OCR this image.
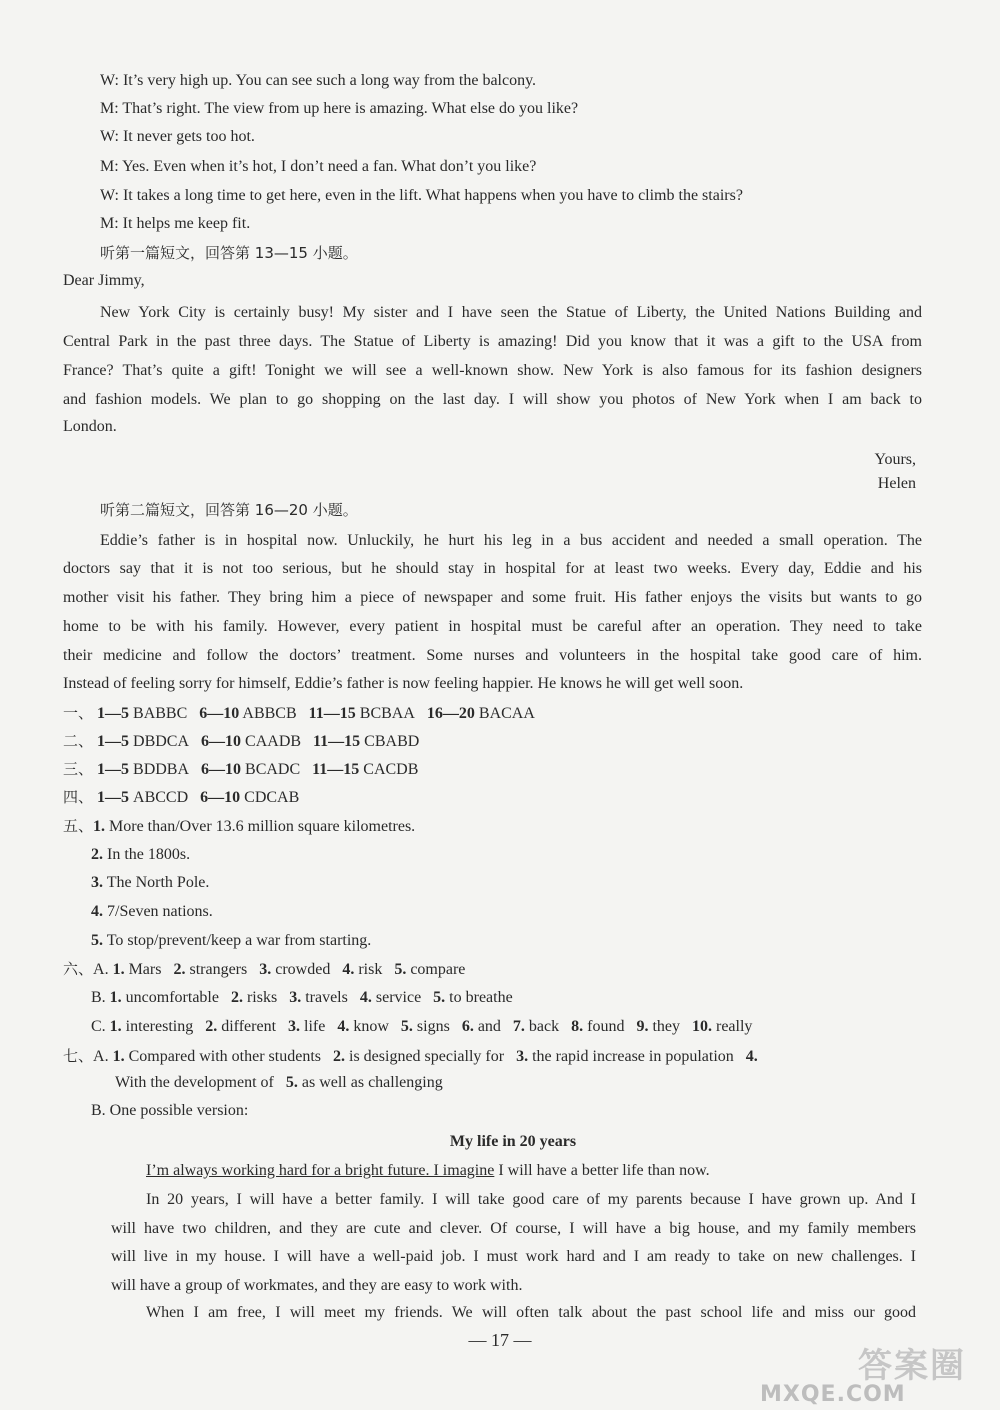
W: It’s very high up. You can see such a long way from the balcony.
M: That’s right. The view from up here is amazing. What else do you like?
W: It never gets too hot.
M: Yes. Even when it’s hot, I don’t need a fan. What don’t you like?
W: It takes a long time to get here, even in the lift. What happens when you have to climb the stairs?
M: It helps me keep fit.
听第一篇短文，回答第 13—15 小题。
Dear Jimmy,
New York City is certainly busy! My sister and I have seen the Statue of Liberty, the United Nations Building and
Central Park in the past three days. The Statue of Liberty is amazing! Did you know that it was a gift to the USA from
France? That’s quite a gift! Tonight we will see a well-known show. New York is also famous for its fashion designers
and fashion models. We plan to go shopping on the last day. I will show you photos of New York when I am back to
London.
Yours,
Helen
听第二篇短文，回答第 16—20 小题。
Eddie’s father is in hospital now. Unluckily, he hurt his leg in a bus accident and needed a small operation. The
doctors say that it is not too serious, but he should stay in hospital for at least two weeks. Every day, Eddie and his
mother visit his father. They bring him a piece of newspaper and some fruit. His father enjoys the visits but wants to go
home to be with his family. However, every patient in hospital must be careful after an operation. They need to take
their medicine and follow the doctors’ treatment. Some nurses and volunteers in the hospital take good care of him.
Instead of feeling sorry for himself, Eddie’s father is now feeling happier. He knows he will get well soon.
一、 1—5 BABBC 6—10 ABBCB 11—15 BCBAA 16—20 BACAA
二、 1—5 DBDCA 6—10 CAADB 11—15 CBABD
三、 1—5 BDDBA 6—10 BCADC 11—15 CACDB
四、 1—5 ABCCD 6—10 CDCAB
五、1. More than/Over 13.6 million square kilometres.
2. In the 1800s.
3. The North Pole.
4. 7/Seven nations.
5. To stop/prevent/keep a war from starting.
六、A. 1. Mars 2. strangers 3. crowded 4. risk 5. compare
B. 1. uncomfortable 2. risks 3. travels 4. service 5. to breathe
C. 1. interesting 2. different 3. life 4. know 5. signs 6. and 7. back 8. found 9. they 10. really
七、A. 1. Compared with other students 2. is designed specially for 3. the rapid increase in population 4.
With the development of 5. as well as challenging
B. One possible version:
My life in 20 years
I’m always working hard for a bright future. I imagine I will have a better life than now.
In 20 years, I will have a better family. I will take good care of my parents because I have grown up. And I
will have two children, and they are cute and clever. Of course, I will have a big house, and my family members
will live in my house. I will have a well-paid job. I must work hard and I am ready to take on new challenges. I
will have a group of workmates, and they are easy to work with.
When I am free, I will meet my friends. We will often talk about the past school life and miss our good
— 17 —
答案圈
MXQE.COM
